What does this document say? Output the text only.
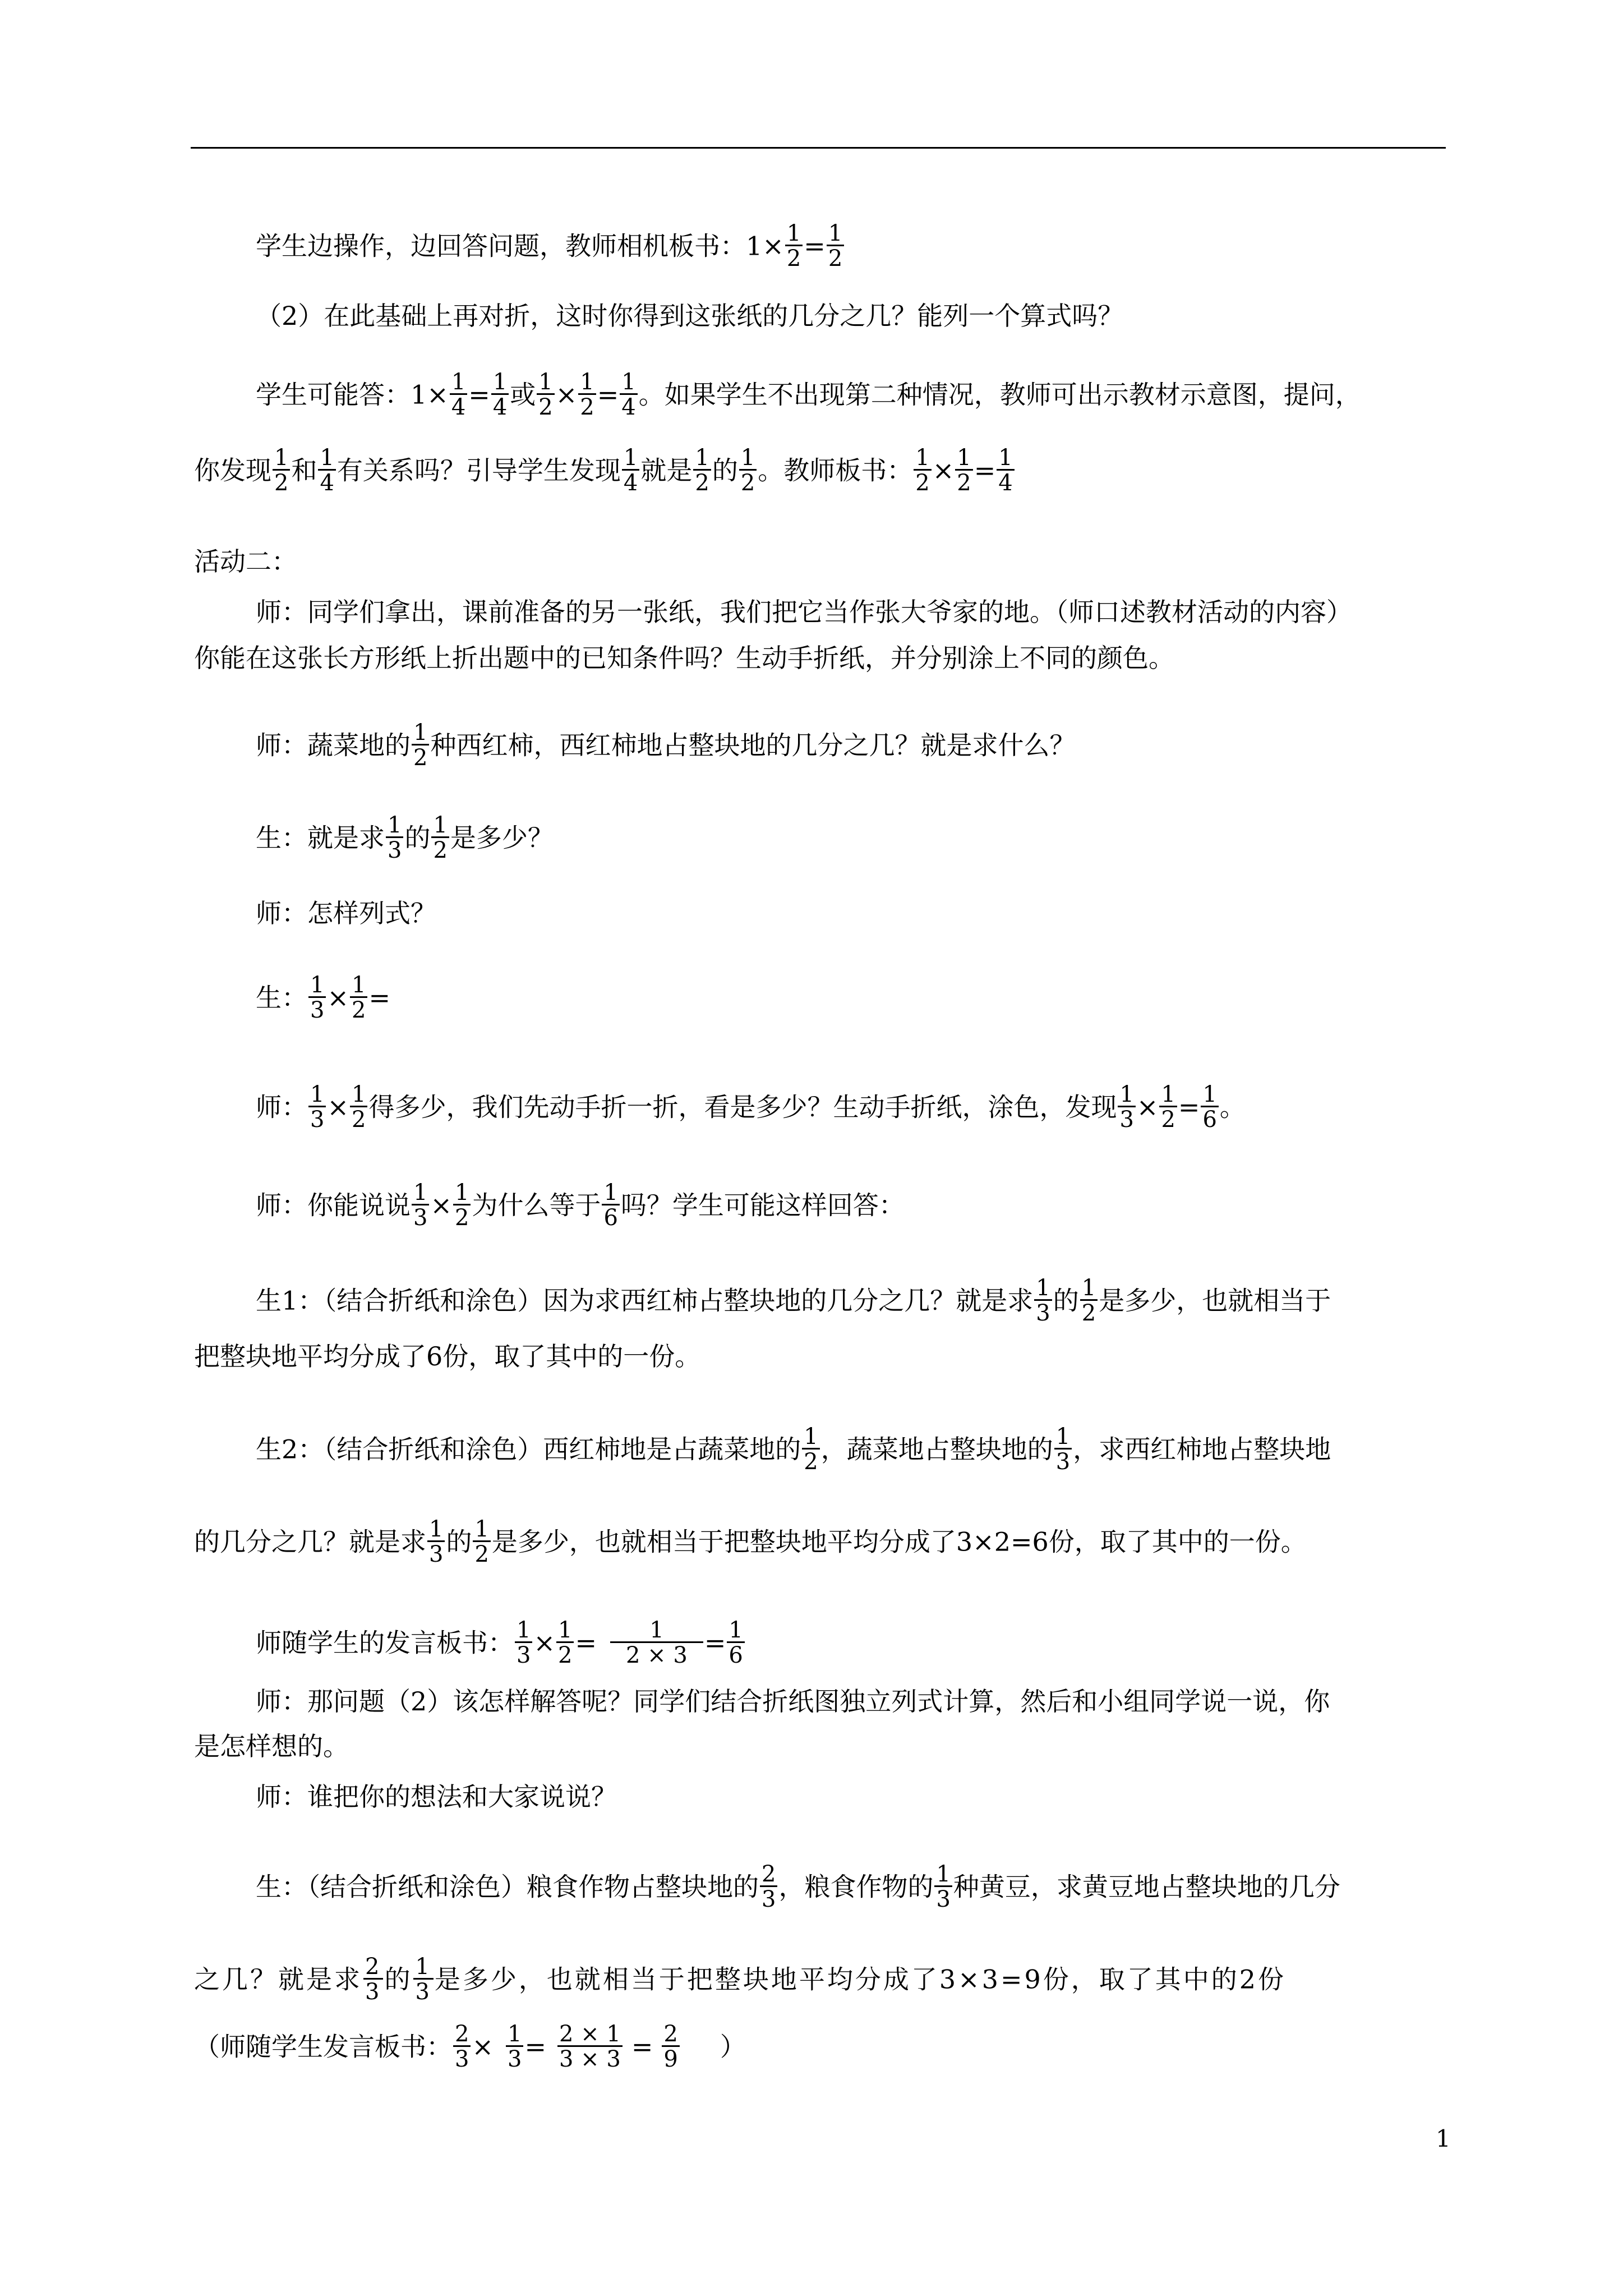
学生边操作，边回答问题，教师相机板书：$1\times \frac{1}{2} = \frac{1}{2}$
（2）在此基础上再对折，这时你得到这张纸的几分之几？能列一个算式吗？
学生可能答：$1\times \frac{1}{4} = \frac{1}{4}$ 或 $\frac{1}{2} \times \frac{1}{2} = \frac{1}{4}$ 。如果学生不出现第二种情况，教师可出示教材示意图，提问，
你发现 $\frac{1}{2}$ 和 $\frac{1}{4}$ 有关系吗？引导学生发现 $\frac{1}{4}$ 就是 $\frac{1}{2}$ 的 $\frac{1}{2}$ 。教师板书： $\frac{1}{2} \times \frac{1}{2} = \frac{1}{4}$
活动二：
师：同学们拿出，课前准备的另一张纸，我们把它当作张大爷家的地。（师口述教材活动的内容）
你能在这张长方形纸上折出题中的已知条件吗？生动手折纸，并分别涂上不同的颜色。
师：蔬菜地的 $\frac{1}{2}$ 种西红柿，西红柿地占整块地的几分之几？就是求什么？
生：就是求 $\frac{1}{3}$ 的 $\frac{1}{2}$ 是多少？
师：怎样列式？
生： $\frac{1}{3} \times \frac{1}{2}$ =
师： $\frac{1}{3} \times \frac{1}{2}$ 得多少，我们先动手折一折，看是多少？生动手折纸，涂色，发现 $\frac{1}{3} \times \frac{1}{2} = \frac{1}{6}$ 。
师：你能说说 $\frac{1}{3} \times \frac{1}{2}$ 为什么等于 $\frac{1}{6}$ 吗？学生可能这样回答：
生1：（结合折纸和涂色）因为求西红柿占整块地的几分之几？就是求 $\frac{1}{3}$ 的 $\frac{1}{2}$ 是多少，也就相当于
把整块地平均分成了6份，取了其中的一份。
生2：（结合折纸和涂色）西红柿地是占蔬菜地的 $\frac{1}{2}$ ，蔬菜地占整块地的 $\frac{1}{3}$ ，求西红柿地占整块地
的几分之几？就是求 $\frac{1}{3}$ 的 $\frac{1}{2}$ 是多少，也就相当于把整块地平均分成了3×2=6份，取了其中的一份。
师随学生的发言板书： $\frac{1}{3} \times \frac{1}{2} = \frac{1}{2 \times 3} = \frac{1}{6}$
师：那问题（2）该怎样解答呢？同学们结合折纸图独立列式计算，然后和小组同学说一说，你
是怎样想的。
师：谁把你的想法和大家说说？
生：（结合折纸和涂色）粮食作物占整块地的 $\frac{2}{3}$ ，粮食作物的 $\frac{1}{3}$ 种黄豆，求黄豆地占整块地的几分
之几？就是求 $\frac{2}{3}$ 的 $\frac{1}{3}$ 是多少，也就相当于把整块地平均分成了3×3=9份，取了其中的2份
（师随学生发言板书： $\frac{2}{3} \times \frac{1}{3} = \frac{2 \times 1}{3 \times 3} = \frac{2}{9}$ ）
1
